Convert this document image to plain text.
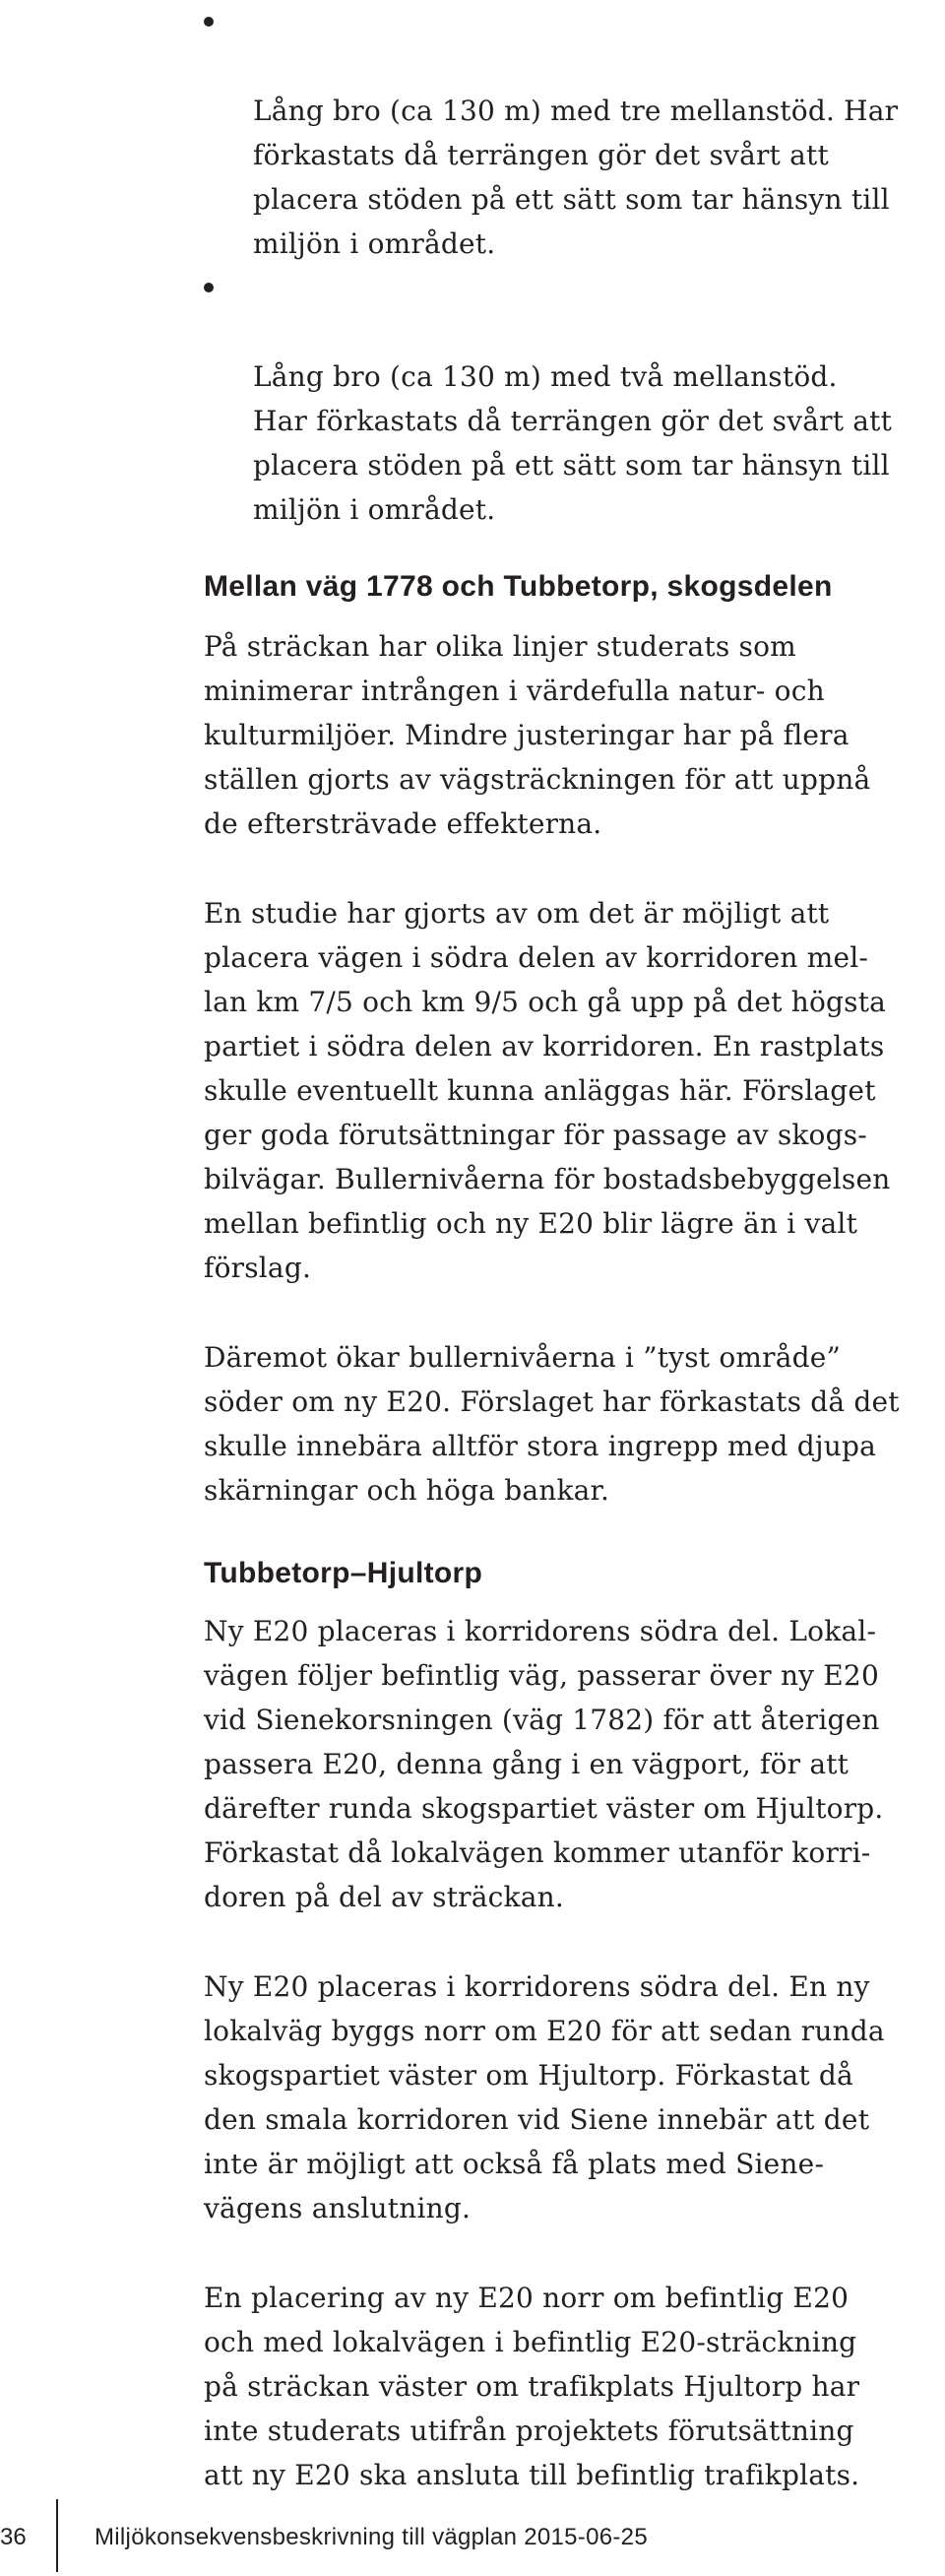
Lång bro (ca 130 m) med tre mellanstöd. Har
förkastats då terrängen gör det svårt att
placera stöden på ett sätt som tar hänsyn till
miljön i området.

Lång bro (ca 130 m) med två mellanstöd.
Har förkastats då terrängen gör det svårt att
placera stöden på ett sätt som tar hänsyn till
miljön i området.

Mellan väg 1778 och Tubbetorp, skogsdelen

På sträckan har olika linjer studerats som
minimerar intrången i värdefulla natur- och
kulturmiljöer. Mindre justeringar har på flera
ställen gjorts av vägsträckningen för att uppnå
de eftersträvade effekterna.

En studie har gjorts av om det är möjligt att
placera vägen i södra delen av korridoren mel-
lan km 7/5 och km 9/5 och gå upp på det högsta
partiet i södra delen av korridoren. En rastplats
skulle eventuellt kunna anläggas här. Förslaget
ger goda förutsättningar för passage av skogs-
bilvägar. Bullernivåerna för bostadsbebyggelsen
mellan befintlig och ny E20 blir lägre än i valt
förslag.

Däremot ökar bullernivåerna i ”tyst område”
söder om ny E20. Förslaget har förkastats då det
skulle innebära alltför stora ingrepp med djupa
skärningar och höga bankar.

Tubbetorp–Hjultorp

Ny E20 placeras i korridorens södra del. Lokal-
vägen följer befintlig väg, passerar över ny E20
vid Sienekorsningen (väg 1782) för att återigen
passera E20, denna gång i en vägport, för att
därefter runda skogspartiet väster om Hjultorp.
Förkastat då lokalvägen kommer utanför korri-
doren på del av sträckan.

Ny E20 placeras i korridorens södra del. En ny
lokalväg byggs norr om E20 för att sedan runda
skogspartiet väster om Hjultorp. Förkastat då
den smala korridoren vid Siene innebär att det
inte är möjligt att också få plats med Siene-
vägens anslutning.

En placering av ny E20 norr om befintlig E20
och med lokalvägen i befintlig E20-sträckning
på sträckan väster om trafikplats Hjultorp har
inte studerats utifrån projektets förutsättning
att ny E20 ska ansluta till befintlig trafikplats.

36	Miljökonsekvensbeskrivning till vägplan 2015-06-25
